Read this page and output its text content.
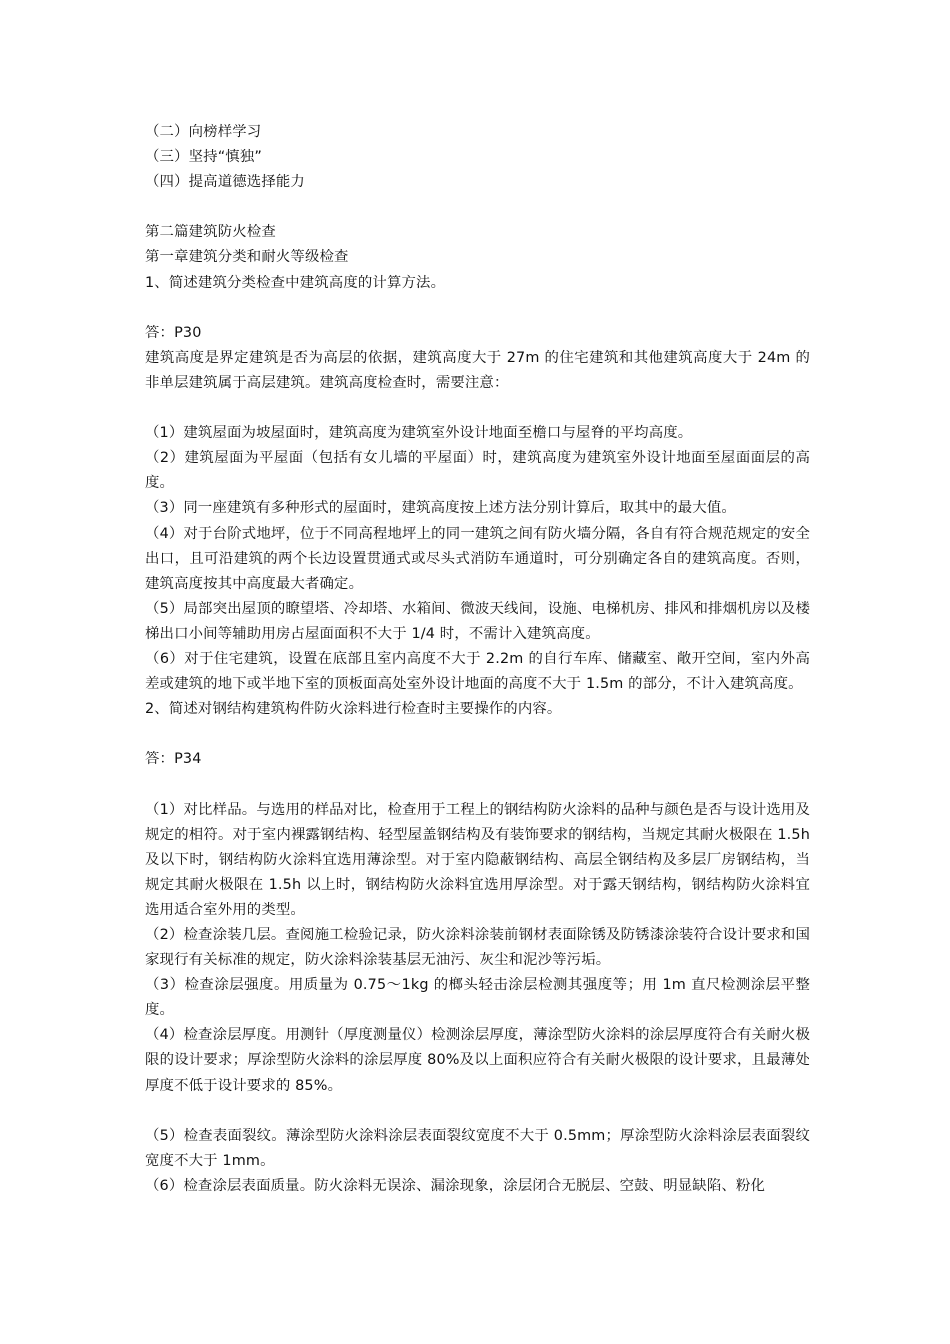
（二）向榜样学习
（三）坚持“慎独”
（四）提高道德选择能力
第二篇建筑防火检查
第一章建筑分类和耐火等级检查
1、简述建筑分类检查中建筑高度的计算方法。
答：P30
建筑高度是界定建筑是否为高层的依据，建筑高度大于 27m 的住宅建筑和其他建筑高度大于 24m 的非单层建筑属于高层建筑。建筑高度检查时，需要注意：
（1）建筑屋面为坡屋面时，建筑高度为建筑室外设计地面至檐口与屋脊的平均高度。
（2）建筑屋面为平屋面（包括有女儿墙的平屋面）时，建筑高度为建筑室外设计地面至屋面面层的高度。
（3）同一座建筑有多种形式的屋面时，建筑高度按上述方法分别计算后，取其中的最大值。
（4）对于台阶式地坪，位于不同高程地坪上的同一建筑之间有防火墙分隔，各自有符合规范规定的安全出口，且可沿建筑的两个长边设置贯通式或尽头式消防车通道时，可分别确定各自的建筑高度。否则，建筑高度按其中高度最大者确定。
（5）局部突出屋顶的瞭望塔、冷却塔、水箱间、微波天线间，设施、电梯机房、排风和排烟机房以及楼梯出口小间等辅助用房占屋面面积不大于 1/4 时，不需计入建筑高度。
（6）对于住宅建筑，设置在底部且室内高度不大于 2.2m 的自行车库、储藏室、敞开空间，室内外高差或建筑的地下或半地下室的顶板面高处室外设计地面的高度不大于 1.5m 的部分，不计入建筑高度。
2、简述对钢结构建筑构件防火涂料进行检查时主要操作的内容。
答：P34
（1）对比样品。与选用的样品对比，检查用于工程上的钢结构防火涂料的品种与颜色是否与设计选用及规定的相符。对于室内裸露钢结构、轻型屋盖钢结构及有装饰要求的钢结构，当规定其耐火极限在 1.5h 及以下时，钢结构防火涂料宜选用薄涂型。对于室内隐蔽钢结构、高层全钢结构及多层厂房钢结构，当规定其耐火极限在 1.5h 以上时，钢结构防火涂料宜选用厚涂型。对于露天钢结构，钢结构防火涂料宜选用适合室外用的类型。
（2）检查涂装几层。查阅施工检验记录，防火涂料涂装前钢材表面除锈及防锈漆涂装符合设计要求和国家现行有关标准的规定，防火涂料涂装基层无油污、灰尘和泥沙等污垢。
（3）检查涂层强度。用质量为 0.75～1kg 的榔头轻击涂层检测其强度等；用 1m 直尺检测涂层平整度。
（4）检查涂层厚度。用测针（厚度测量仪）检测涂层厚度，薄涂型防火涂料的涂层厚度符合有关耐火极限的设计要求；厚涂型防火涂料的涂层厚度 80%及以上面积应符合有关耐火极限的设计要求，且最薄处厚度不低于设计要求的 85%。
（5）检查表面裂纹。薄涂型防火涂料涂层表面裂纹宽度不大于 0.5mm；厚涂型防火涂料涂层表面裂纹宽度不大于 1mm。
（6）检查涂层表面质量。防火涂料无误涂、漏涂现象，涂层闭合无脱层、空鼓、明显缺陷、粉化
